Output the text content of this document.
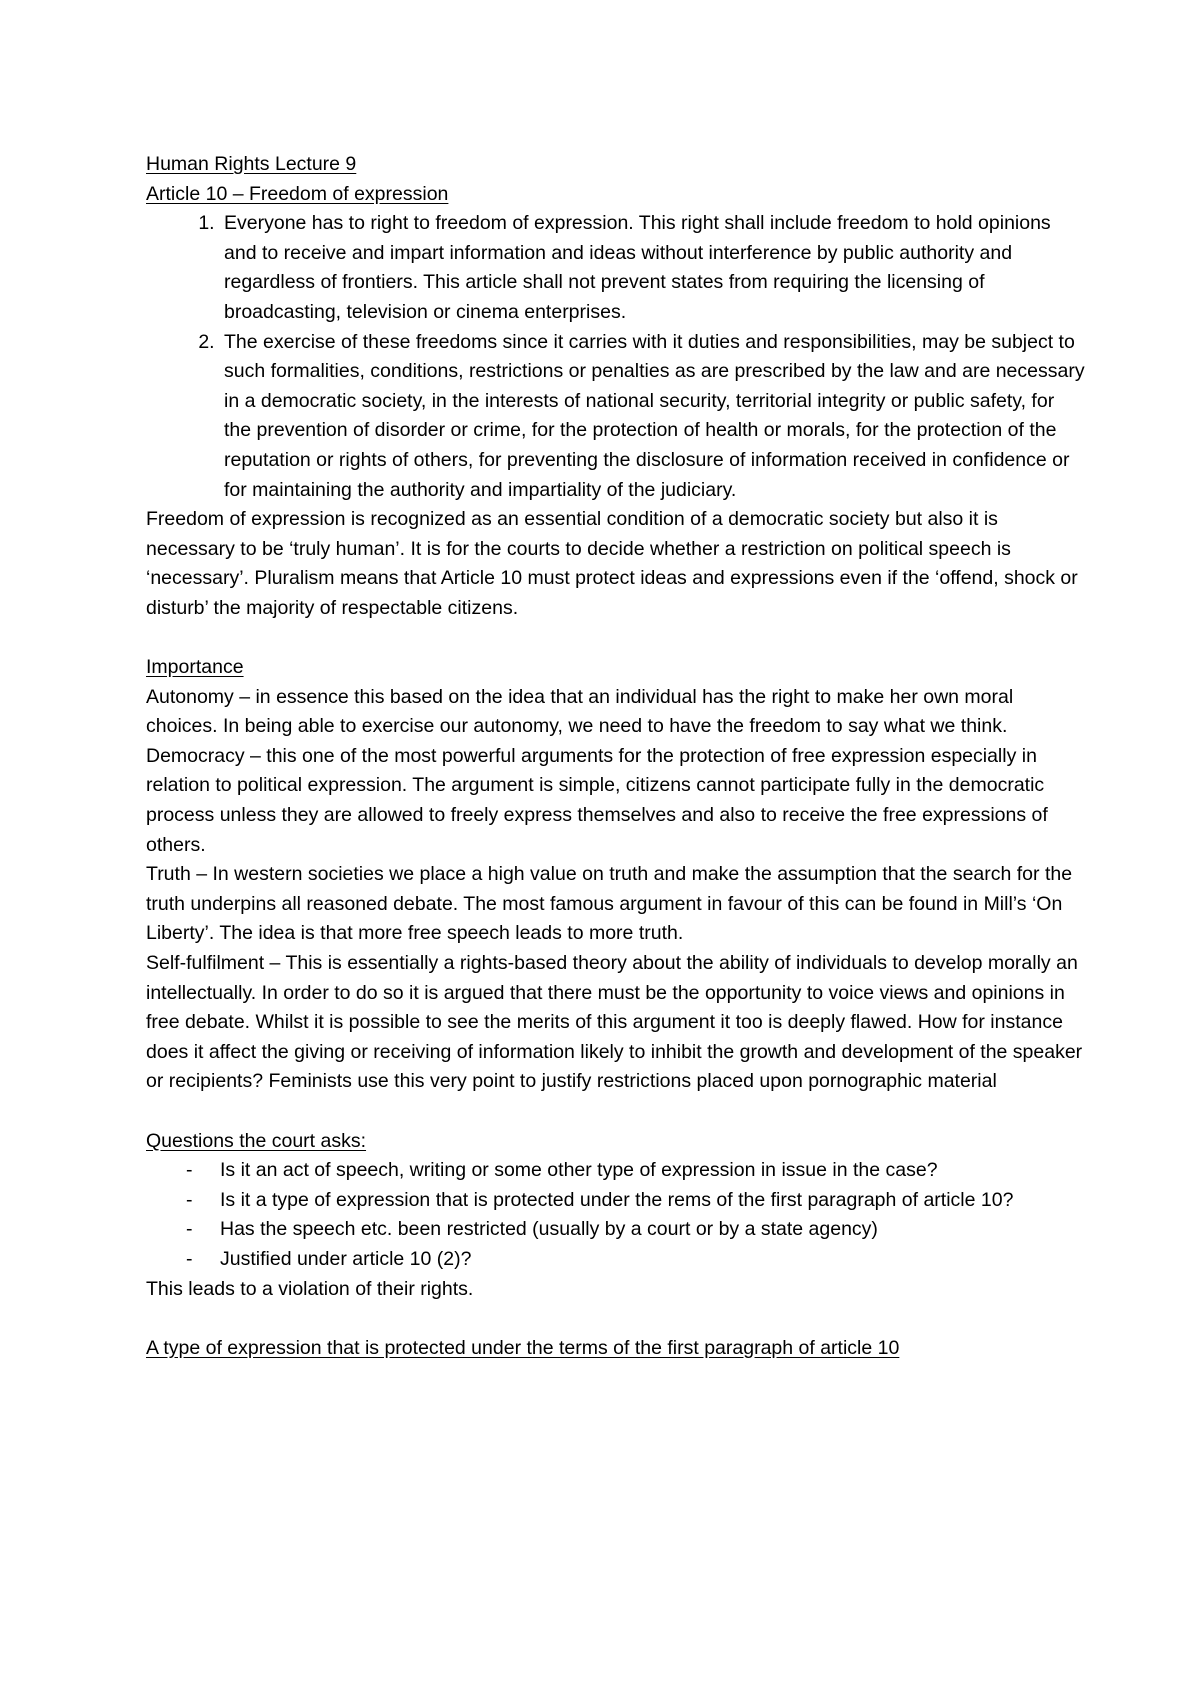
Human Rights Lecture 9

Article 10 – Freedom of expression

1. Everyone has to right to freedom of expression. This right shall include freedom to hold opinions and to receive and impart information and ideas without interference by public authority and regardless of frontiers. This article shall not prevent states from requiring the licensing of broadcasting, television or cinema enterprises.
2. The exercise of these freedoms since it carries with it duties and responsibilities, may be subject to such formalities, conditions, restrictions or penalties as are prescribed by the law and are necessary in a democratic society, in the interests of national security, territorial integrity or public safety, for the prevention of disorder or crime, for the protection of health or morals, for the protection of the reputation or rights of others, for preventing the disclosure of information received in confidence or for maintaining the authority and impartiality of the judiciary.

Freedom of expression is recognized as an essential condition of a democratic society but also it is necessary to be ‘truly human’. It is for the courts to decide whether a restriction on political speech is ‘necessary’. Pluralism means that Article 10 must protect ideas and expressions even if the ‘offend, shock or disturb’ the majority of respectable citizens.

Importance

Autonomy – in essence this based on the idea that an individual has the right to make her own moral choices. In being able to exercise our autonomy, we need to have the freedom to say what we think.

Democracy – this one of the most powerful arguments for the protection of free expression especially in relation to political expression. The argument is simple, citizens cannot participate fully in the democratic process unless they are allowed to freely express themselves and also to receive the free expressions of others.

Truth – In western societies we place a high value on truth and make the assumption that the search for the truth underpins all reasoned debate. The most famous argument in favour of this can be found in Mill’s ‘On Liberty’. The idea is that more free speech leads to more truth.

Self-fulfilment – This is essentially a rights-based theory about the ability of individuals to develop morally an intellectually. In order to do so it is argued that there must be the opportunity to voice views and opinions in free debate. Whilst it is possible to see the merits of this argument it too is deeply flawed. How for instance does it affect the giving or receiving of information likely to inhibit the growth and development of the speaker or recipients? Feminists use this very point to justify restrictions placed upon pornographic material

Questions the court asks:

- Is it an act of speech, writing or some other type of expression in issue in the case?
- Is it a type of expression that is protected under the rems of the first paragraph of article 10?
- Has the speech etc. been restricted (usually by a court or by a state agency)
- Justified under article 10 (2)?

This leads to a violation of their rights.

A type of expression that is protected under the terms of the first paragraph of article 10
